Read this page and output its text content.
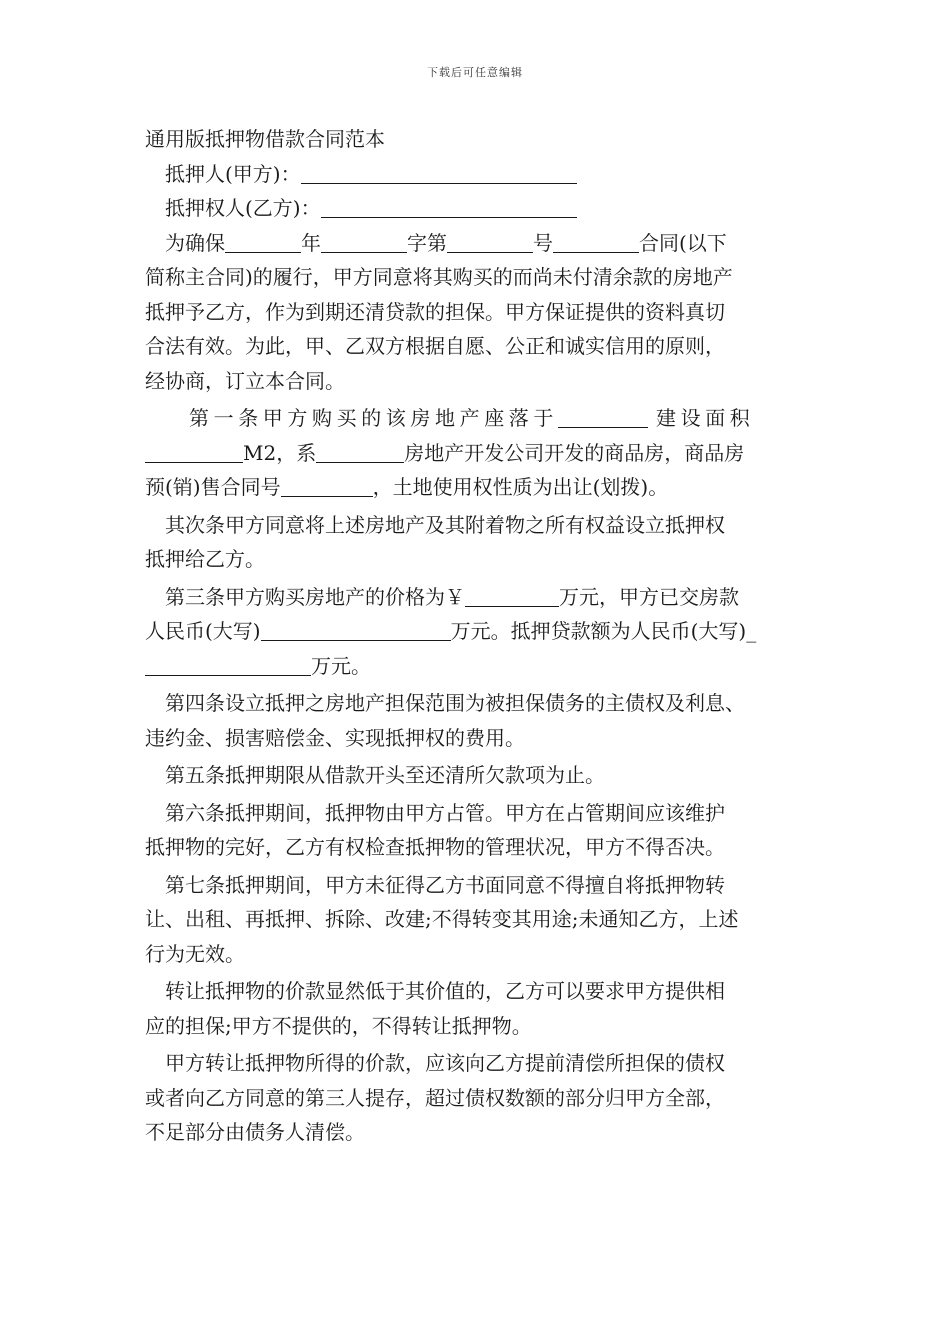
下载后可任意编辑
通用版抵押物借款合同范本
抵押人(甲方)：
抵押权人(乙方)：
为确保	年	字第	号	合同(以下
简称主合同)的履行，甲方同意将其购买的而尚未付清余款的房地产
抵押予乙方，作为到期还清贷款的担保。甲方保证提供的资料真切
合法有效。为此，甲、乙双方根据自愿、公正和诚实信用的原则，
经协商，订立本合同。
第一条甲方购买的该房地产座落于	建设面积
M2，系	房地产开发公司开发的商品房，商品房
预(销)售合同号	，土地使用权性质为出让(划拨)。
其次条甲方同意将上述房地产及其附着物之所有权益设立抵押权
抵押给乙方。
第三条甲方购买房地产的价格为￥	万元，甲方已交房款
人民币(大写)	万元。抵押贷款额为人民币(大写)_
万元。
第四条设立抵押之房地产担保范围为被担保债务的主债权及利息、
违约金、损害赔偿金、实现抵押权的费用。
第五条抵押期限从借款开头至还清所欠款项为止。
第六条抵押期间，抵押物由甲方占管。甲方在占管期间应该维护
抵押物的完好，乙方有权检查抵押物的管理状况，甲方不得否决。
第七条抵押期间，甲方未征得乙方书面同意不得擅自将抵押物转
让、出租、再抵押、拆除、改建;不得转变其用途;未通知乙方，上述
行为无效。
转让抵押物的价款显然低于其价值的，乙方可以要求甲方提供相
应的担保;甲方不提供的，不得转让抵押物。
甲方转让抵押物所得的价款，应该向乙方提前清偿所担保的债权
或者向乙方同意的第三人提存，超过债权数额的部分归甲方全部，
不足部分由债务人清偿。
